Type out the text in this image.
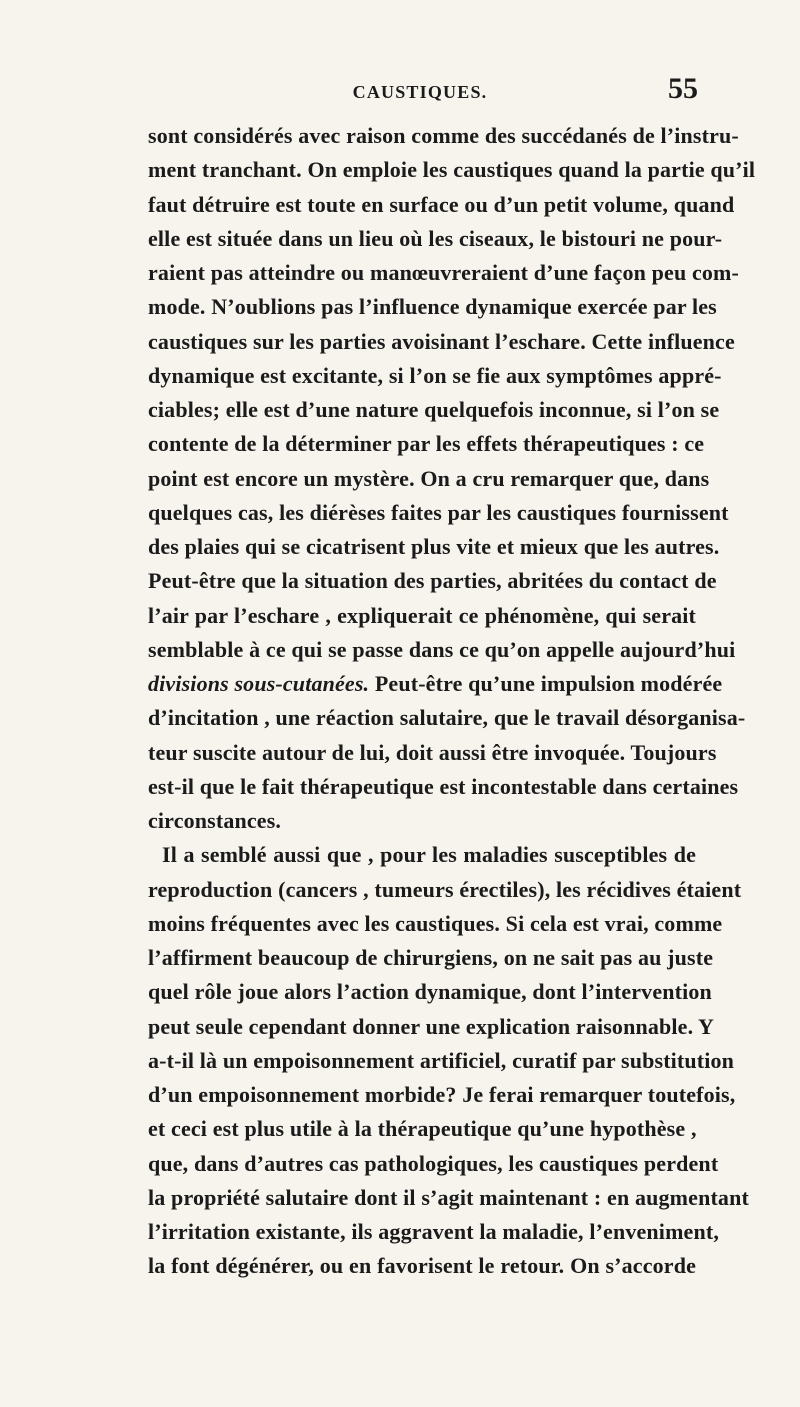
CAUSTIQUES.	55
sont considérés avec raison comme des succédanés de l’instru-
ment tranchant. On emploie les caustiques quand la partie qu’il
faut détruire est toute en surface ou d’un petit volume, quand
elle est située dans un lieu où les ciseaux, le bistouri ne pour-
raient pas atteindre ou manœuvreraient d’une façon peu com-
mode. N’oublions pas l’influence dynamique exercée par les
caustiques sur les parties avoisinant l’eschare. Cette influence
dynamique est excitante, si l’on se fie aux symptômes appré-
ciables; elle est d’une nature quelquefois inconnue, si l’on se
contente de la déterminer par les effets thérapeutiques : ce
point est encore un mystère. On a cru remarquer que, dans
quelques cas, les diérèses faites par les caustiques fournissent
des plaies qui se cicatrisent plus vite et mieux que les autres.
Peut-être que la situation des parties, abritées du contact de
l’air par l’eschare , expliquerait ce phénomène, qui serait
semblable à ce qui se passe dans ce qu’on appelle aujourd’hui
divisions sous-cutanées. Peut-être qu’une impulsion modérée
d’incitation , une réaction salutaire, que le travail désorganisa-
teur suscite autour de lui, doit aussi être invoquée. Toujours
est-il que le fait thérapeutique est incontestable dans certaines
circonstances.
Il a semblé aussi que , pour les maladies susceptibles de
reproduction (cancers , tumeurs érectiles), les récidives étaient
moins fréquentes avec les caustiques. Si cela est vrai, comme
l’affirment beaucoup de chirurgiens, on ne sait pas au juste
quel rôle joue alors l’action dynamique, dont l’intervention
peut seule cependant donner une explication raisonnable. Y
a-t-il là un empoisonnement artificiel, curatif par substitution
d’un empoisonnement morbide? Je ferai remarquer toutefois,
et ceci est plus utile à la thérapeutique qu’une hypothèse ,
que, dans d’autres cas pathologiques, les caustiques perdent
la propriété salutaire dont il s’agit maintenant : en augmentant
l’irritation existante, ils aggravent la maladie, l’enveniment,
la font dégénérer, ou en favorisent le retour. On s’accorde
